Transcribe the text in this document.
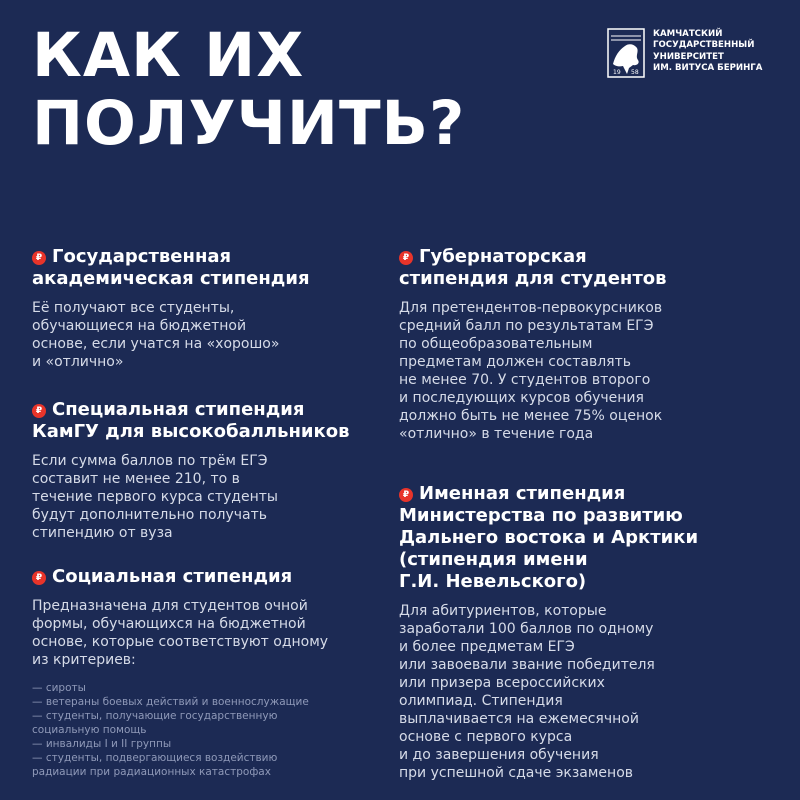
КАК ИХ
ПОЛУЧИТЬ?
19 58
КАМЧАТСКИЙ
ГОСУДАРСТВЕННЫЙ
УНИВЕРСИТЕТ
ИМ. ВИТУСА БЕРИНГА
₽ Государственная
академическая стипендия
Её получают все студенты,
обучающиеся на бюджетной
основе, если учатся на «хорошо»
и «отлично»
₽ Специальная стипендия
КамГУ для высокобалльников
Если сумма баллов по трём ЕГЭ
составит не менее 210, то в
течение первого курса студенты
будут дополнительно получать
стипендию от вуза
₽ Социальная стипендия
Предназначена для студентов очной
формы, обучающихся на бюджетной
основе, которые соответствуют одному
из критериев:
— сироты
— ветераны боевых действий и военнослужащие
— студенты, получающие государственную
социальную помощь
— инвалиды I и II группы
— студенты, подвергающиеся воздействию
радиации при радиационных катастрофах
₽ Губернаторская
стипендия для студентов
Для претендентов-первокурсников
средний балл по результатам ЕГЭ
по общеобразовательным
предметам должен составлять
не менее 70. У студентов второго
и последующих курсов обучения
должно быть не менее 75% оценок
«отлично» в течение года
₽ Именная стипендия
Министерства по развитию
Дальнего востока и Арктики
(стипендия имени
Г.И. Невельского)
Для абитуриентов, которые
заработали 100 баллов по одному
и более предметам ЕГЭ
или завоевали звание победителя
или призера всероссийских
олимпиад. Стипендия
выплачивается на ежемесячной
основе с первого курса
и до завершения обучения
при успешной сдаче экзаменов
